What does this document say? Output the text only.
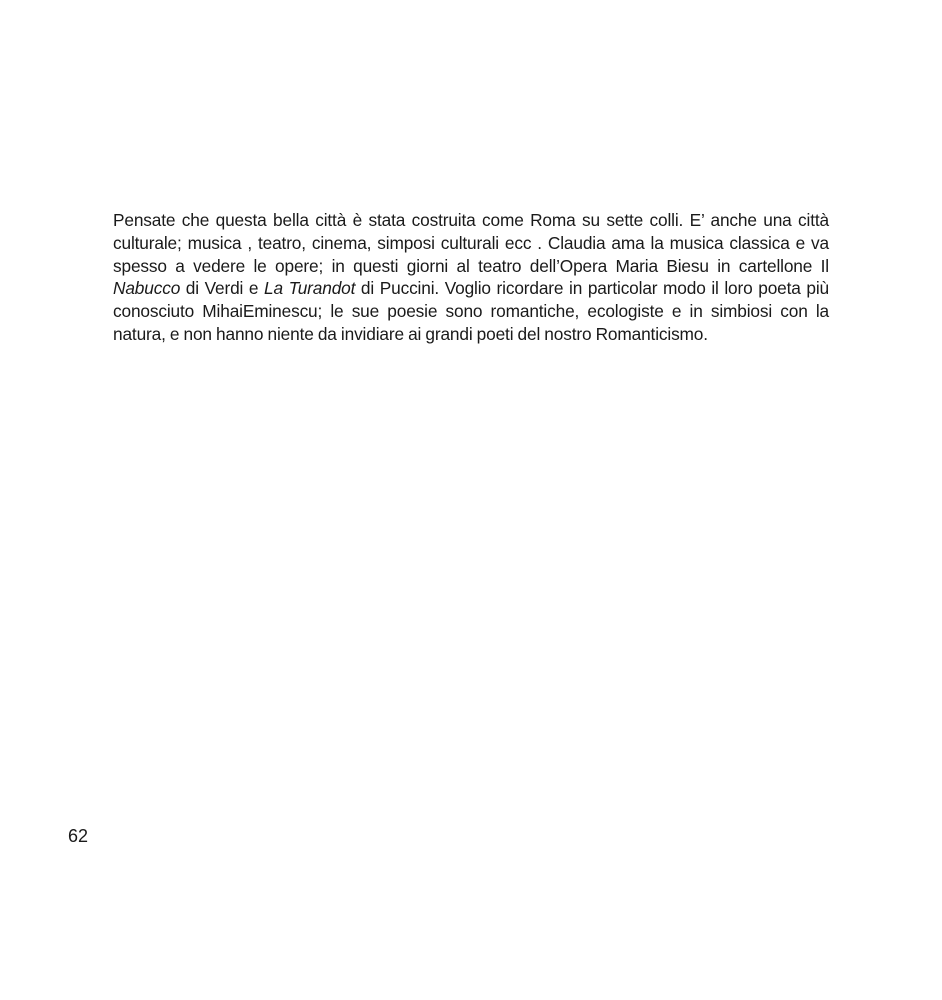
Pensate che questa bella città è stata costruita come Roma su sette colli. E’ anche una città culturale; musica , teatro, cinema, simposi culturali ecc . Claudia ama la musica classica e va spesso a vedere le opere; in questi giorni al teatro dell’Opera Maria Biesu in cartellone Il Nabucco di Verdi e La Turandot di Puccini. Voglio ricordare in particolar modo il loro poeta più conosciuto MihaiEminescu; le sue poesie sono romantiche, ecologiste e in simbiosi con la natura, e non hanno niente da invidiare ai grandi poeti del nostro Romanticismo.

62
